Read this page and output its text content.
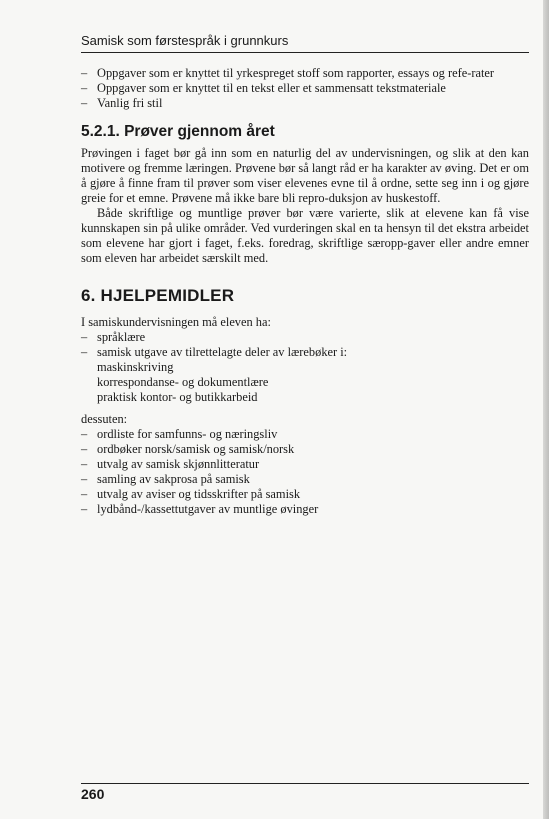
Samisk som førstespråk i grunnkurs
– Oppgaver som er knyttet til yrkespreget stoff som rapporter, essays og refe-rater
– Oppgaver som er knyttet til en tekst eller et sammensatt tekstmateriale
– Vanlig fri stil
5.2.1. Prøver gjennom året

Prøvingen i faget bør gå inn som en naturlig del av undervisningen, og slik at den kan motivere og fremme læringen. Prøvene bør så langt råd er ha karakter av øving. Det er om å gjøre å finne fram til prøver som viser elevenes evne til å ordne, sette seg inn i og gjøre greie for et emne. Prøvene må ikke bare bli repro-duksjon av huskestoff.

Både skriftlige og muntlige prøver bør være varierte, slik at elevene kan få vise kunnskapen sin på ulike områder. Ved vurderingen skal en ta hensyn til det ekstra arbeidet som elevene har gjort i faget, f.eks. foredrag, skriftlige særopp-gaver eller andre emner som eleven har arbeidet særskilt med.

6. HJELPEMIDLER

I samiskundervisningen må eleven ha:

– språklære
– samisk utgave av tilrettelagte deler av lærebøker i:
maskinskriving
korrespondanse- og dokumentlære
praktisk kontor- og butikkarbeid

dessuten:

– ordliste for samfunns- og næringsliv
– ordbøker norsk/samisk og samisk/norsk
– utvalg av samisk skjønnlitteratur
– samling av sakprosa på samisk
– utvalg av aviser og tidsskrifter på samisk
– lydbånd-/kassettutgaver av muntlige øvinger
260
